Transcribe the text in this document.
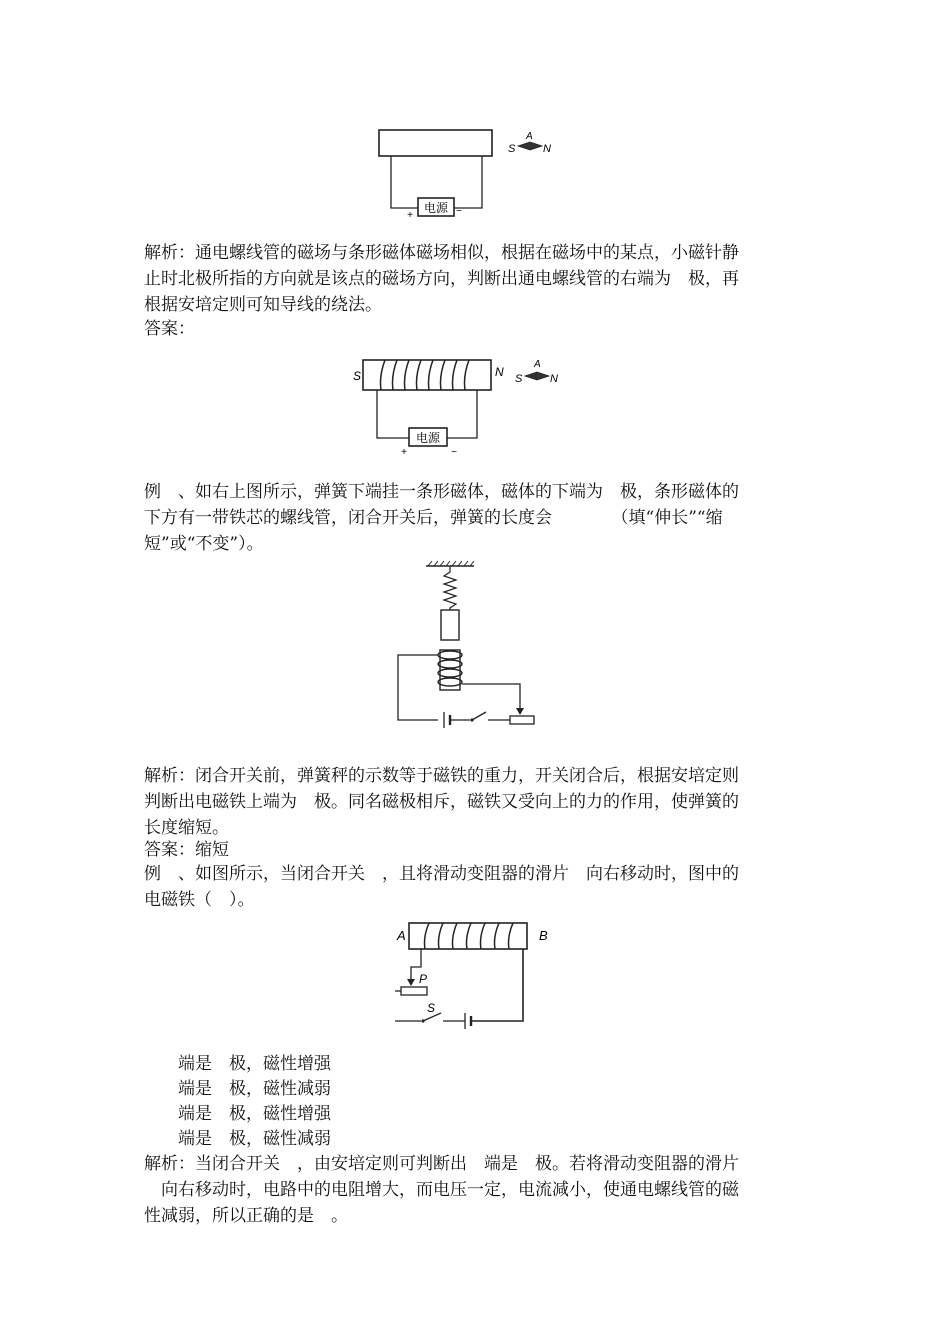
电源
+	−
S	N
A
解析：通电螺线管的磁场与条形磁体磁场相似，根据在磁场中的某点，小磁针静
止时北极所指的方向就是该点的磁场方向，判断出通电螺线管的右端为　极，再
根据安培定则可知导线的绕法。
答案：
S	N
电源
+	−
S	N
A
例　、如右上图所示，弹簧下端挂一条形磁体，磁体的下端为　极，条形磁体的
下方有一带铁芯的螺线管，闭合开关后，弹簧的长度会　　　　（填“伸长”“缩
短”或“不变”）。
解析：闭合开关前，弹簧秤的示数等于磁铁的重力，开关闭合后，根据安培定则
判断出电磁铁上端为　极。同名磁极相斥，磁铁又受向上的力的作用，使弹簧的
长度缩短。
答案：缩短
例　、如图所示，当闭合开关　，且将滑动变阻器的滑片　向右移动时，图中的
电磁铁（　）。
A	B
P
S
端是　极，磁性增强
端是　极，磁性减弱
端是　极，磁性增强
端是　极，磁性减弱
解析：当闭合开关　，由安培定则可判断出　端是　极。若将滑动变阻器的滑片
　向右移动时，电路中的电阻增大，而电压一定，电流减小，使通电螺线管的磁
性减弱，所以正确的是　。
